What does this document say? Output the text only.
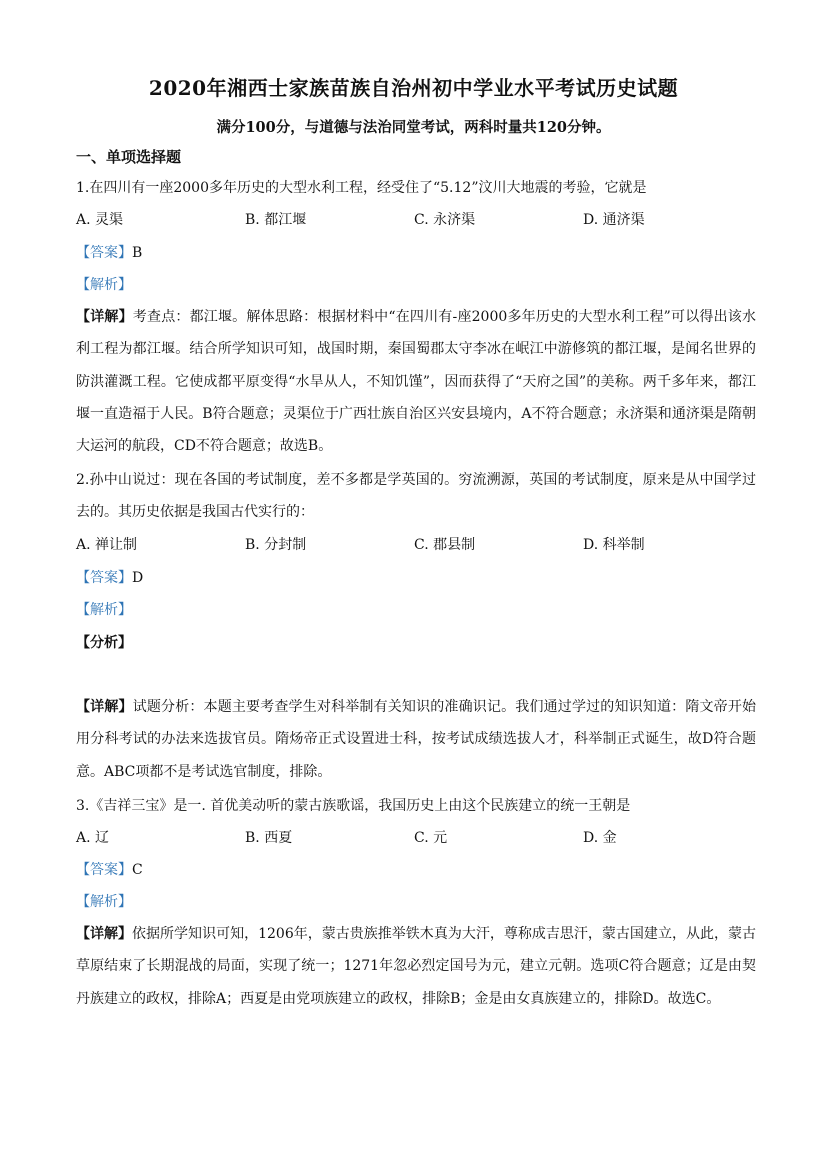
2020年湘西士家族苗族自治州初中学业水平考试历史试题
满分100分，与道德与法治同堂考试，两科时量共120分钟。
一、单项选择题
1.在四川有一座2000多年历史的大型水利工程，经受住了“5.12”汶川大地震的考验，它就是
A. 灵渠	B. 都江堰	C. 永济渠	D. 通济渠
【答案】B
【解析】
【详解】考查点：都江堰。解体思路：根据材料中“在四川有-座2000多年历史的大型水利工程”可以得出该水利工程为都江堰。结合所学知识可知，战国时期，秦国蜀郡太守李冰在岷江中游修筑的都江堰，是闻名世界的防洪灌溉工程。它使成都平原变得“水旱从人，不知饥馑”，因而获得了“天府之国”的美称。两千多年来，都江堰一直造福于人民。B符合题意；灵渠位于广西壮族自治区兴安县境内，A不符合题意；永济渠和通济渠是隋朝大运河的航段，CD不符合题意；故选B。
2.孙中山说过：现在各国的考试制度，差不多都是学英国的。穷流溯源，英国的考试制度，原来是从中国学过去的。其历史依据是我国古代实行的：
A. 禅让制	B. 分封制	C. 郡县制	D. 科举制
【答案】D
【解析】
【分析】
【详解】试题分析：本题主要考查学生对科举制有关知识的准确识记。我们通过学过的知识知道：隋文帝开始用分科考试的办法来选拔官员。隋炀帝正式设置进士科，按考试成绩选拔人才，科举制正式诞生，故D符合题意。ABC项都不是考试选官制度，排除。
3.《吉祥三宝》是一. 首优美动听的蒙古族歌谣，我国历史上由这个民族建立的统一王朝是
A. 辽	B. 西夏	C. 元	D. 金
【答案】C
【解析】
【详解】依据所学知识可知，1206年，蒙古贵族推举铁木真为大汗，尊称成吉思汗，蒙古国建立，从此，蒙古草原结束了长期混战的局面，实现了统一；1271年忽必烈定国号为元，建立元朝。选项C符合题意；辽是由契丹族建立的政权，排除A；西夏是由党项族建立的政权，排除B；金是由女真族建立的，排除D。故选C。
